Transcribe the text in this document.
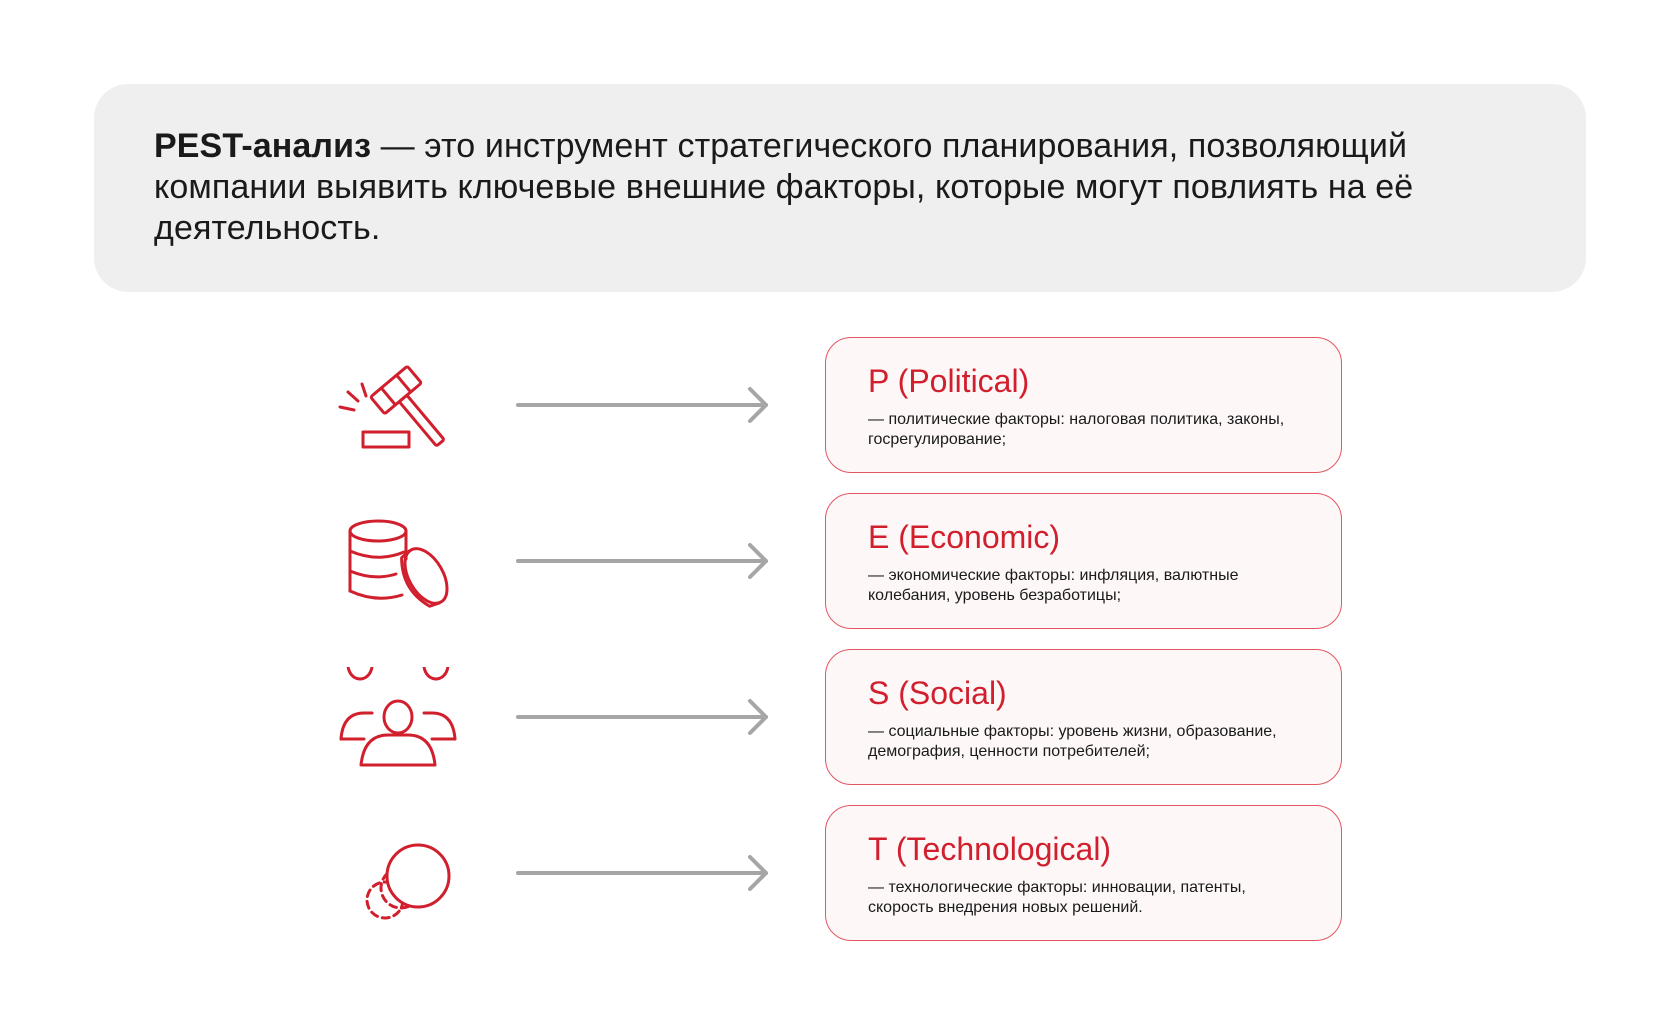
PEST-анализ — это инструмент стратегического планирования, позволяющий компании выявить ключевые внешние факторы, которые могут повлиять на её деятельность.

P (Political)

— политические факторы: налоговая политика, законы, госрегулирование;

E (Economic)

— экономические факторы: инфляция, валютные колебания, уровень безработицы;

S (Social)

— социальные факторы: уровень жизни, образование, демография, ценности потребителей;

T (Technological)

— технологические факторы: инновации, патенты, скорость внедрения новых решений.
